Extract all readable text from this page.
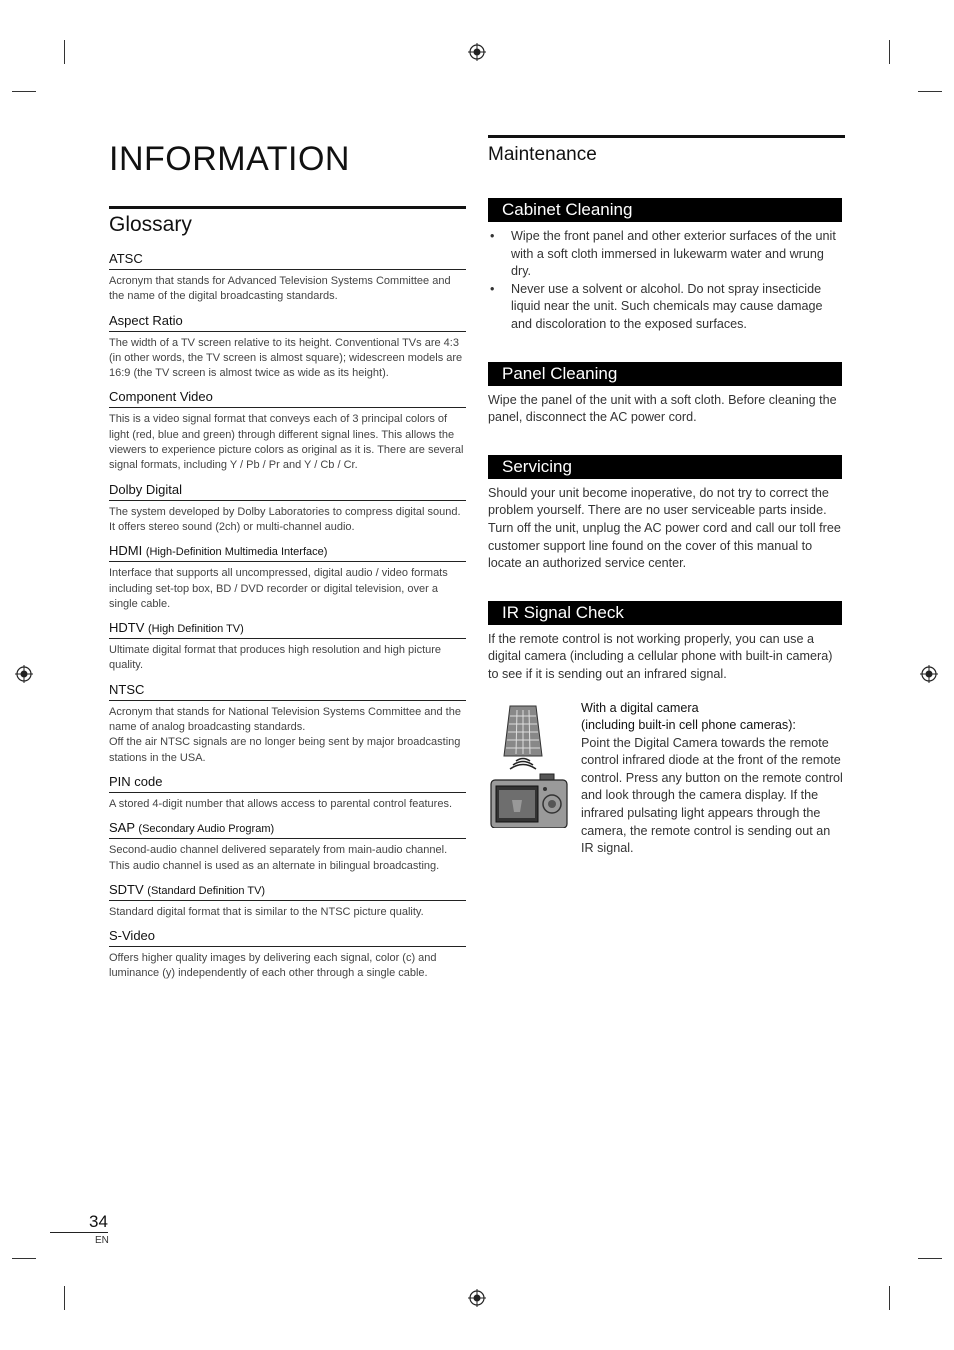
INFORMATION
Glossary
ATSC
Acronym that stands for Advanced Television Systems Committee and the name of the digital broadcasting standards.
Aspect Ratio
The width of a TV screen relative to its height. Conventional TVs are 4:3 (in other words, the TV screen is almost square); widescreen models are 16:9 (the TV screen is almost twice as wide as its height).
Component Video
This is a video signal format that conveys each of 3 principal colors of light (red, blue and green) through different signal lines. This allows the viewers to experience picture colors as original as it is. There are several signal formats, including Y / Pb / Pr and Y / Cb / Cr.
Dolby Digital
The system developed by Dolby Laboratories to compress digital sound. It offers stereo sound (2ch) or multi-channel audio.
HDMI (High-Definition Multimedia Interface)
Interface that supports all uncompressed, digital audio / video formats including set-top box, BD / DVD recorder or digital television, over a single cable.
HDTV (High Definition TV)
Ultimate digital format that produces high resolution and high picture quality.
NTSC
Acronym that stands for National Television Systems Committee and the name of analog broadcasting standards.
Off the air NTSC signals are no longer being sent by major broadcasting stations in the USA.
PIN code
A stored 4-digit number that allows access to parental control features.
SAP (Secondary Audio Program)
Second-audio channel delivered separately from main-audio channel. This audio channel is used as an alternate in bilingual broadcasting.
SDTV (Standard Definition TV)
Standard digital format that is similar to the NTSC picture quality.
S-Video
Offers higher quality images by delivering each signal, color (c) and luminance (y) independently of each other through a single cable.
Maintenance
Cabinet Cleaning
• Wipe the front panel and other exterior surfaces of the unit with a soft cloth immersed in lukewarm water and wrung dry.
• Never use a solvent or alcohol. Do not spray insecticide liquid near the unit. Such chemicals may cause damage and discoloration to the exposed surfaces.
Panel Cleaning

Wipe the panel of the unit with a soft cloth. Before cleaning the panel, disconnect the AC power cord.

Servicing

Should your unit become inoperative, do not try to correct the problem yourself. There are no user serviceable parts inside. Turn off the unit, unplug the AC power cord and call our toll free customer support line found on the cover of this manual to locate an authorized service center.

IR Signal Check

If the remote control is not working properly, you can use a digital camera (including a cellular phone with built-in camera) to see if it is sending out an infrared signal.

With a digital camera
(including built-in cell phone cameras):
Point the Digital Camera towards the remote control infrared diode at the front of the remote control. Press any button on the remote control and look through the camera display. If the infrared pulsating light appears through the camera, the remote control is sending out an IR signal.
34
EN
